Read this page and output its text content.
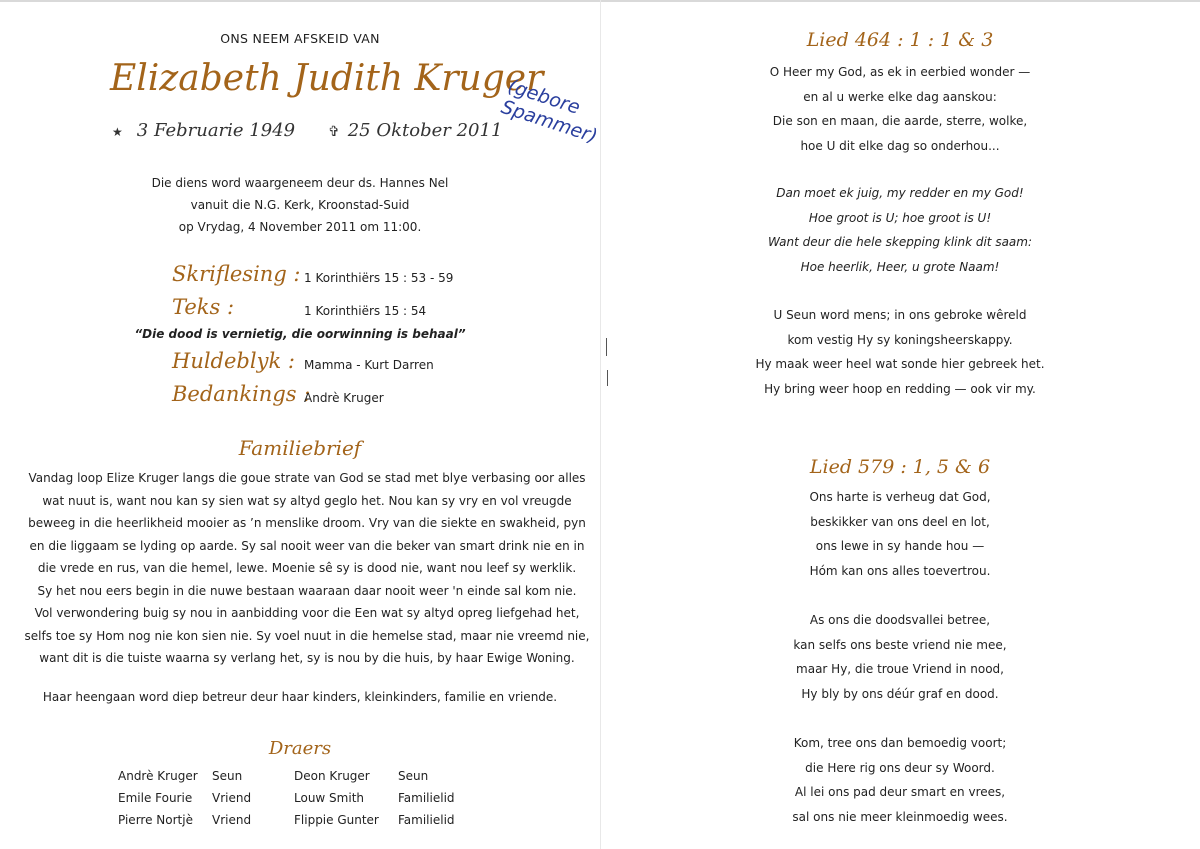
ONS NEEM AFSKEID VAN
Elizabeth Judith Kruger
(gebore Spammer)
★ 3 Februarie 1949 ✞ 25 Oktober 2011
Die diens word waargeneem deur ds. Hannes Nel
vanuit die N.G. Kerk, Kroonstad-Suid
op Vrydag, 4 November 2011 om 11:00.
Skriflesing : 1 Korinthiërs 15 : 53 - 59
Teks :	1 Korinthiërs 15 : 54
“Die dood is vernietig, die oorwinning is behaal”
Huldeblyk : Mamma - Kurt Darren
Bedankings :
Andrè Kruger
Familiebrief
Vandag loop Elize Kruger langs die goue strate van God se stad met blye verbasing oor alles
wat nuut is, want nou kan sy sien wat sy altyd geglo het. Nou kan sy vry en vol vreugde
beweeg in die heerlikheid mooier as ’n menslike droom. Vry van die siekte en swakheid, pyn
en die liggaam se lyding op aarde. Sy sal nooit weer van die beker van smart drink nie en in
die vrede en rus, van die hemel, lewe. Moenie sê sy is dood nie, want nou leef sy werklik.
Sy het nou eers begin in die nuwe bestaan waaraan daar nooit weer 'n einde sal kom nie.
Vol verwondering buig sy nou in aanbidding voor die Een wat sy altyd opreg liefgehad het,
selfs toe sy Hom nog nie kon sien nie. Sy voel nuut in die hemelse stad, maar nie vreemd nie,
want dit is die tuiste waarna sy verlang het, sy is nou by die huis, by haar Ewige Woning.
Haar heengaan word diep betreur deur haar kinders, kleinkinders, familie en vriende.
Draers
Andrè Kruger	Seun	Deon Kruger	Seun
Emile Fourie	Vriend	Louw Smith	Familielid
Pierre Nortjè	Vriend	Flippie Gunter	Familielid
Lied 464 : 1 : 1 & 3
O Heer my God, as ek in eerbied wonder —
en al u werke elke dag aanskou:
Die son en maan, die aarde, sterre, wolke,
hoe U dit elke dag so onderhou...
Dan moet ek juig, my redder en my God!
Hoe groot is U; hoe groot is U!
Want deur die hele skepping klink dit saam:
Hoe heerlik, Heer, u grote Naam!
U Seun word mens; in ons gebroke wêreld
kom vestig Hy sy koningsheerskappy.
Hy maak weer heel wat sonde hier gebreek het.
Hy bring weer hoop en redding — ook vir my.
Lied 579 : 1, 5 & 6
Ons harte is verheug dat God,
beskikker van ons deel en lot,
ons lewe in sy hande hou —
Hóm kan ons alles toevertrou.
As ons die doodsvallei betree,
kan selfs ons beste vriend nie mee,
maar Hy, die troue Vriend in nood,
Hy bly by ons déúr graf en dood.
Kom, tree ons dan bemoedig voort;
die Here rig ons deur sy Woord.
Al lei ons pad deur smart en vrees,
sal ons nie meer kleinmoedig wees.
